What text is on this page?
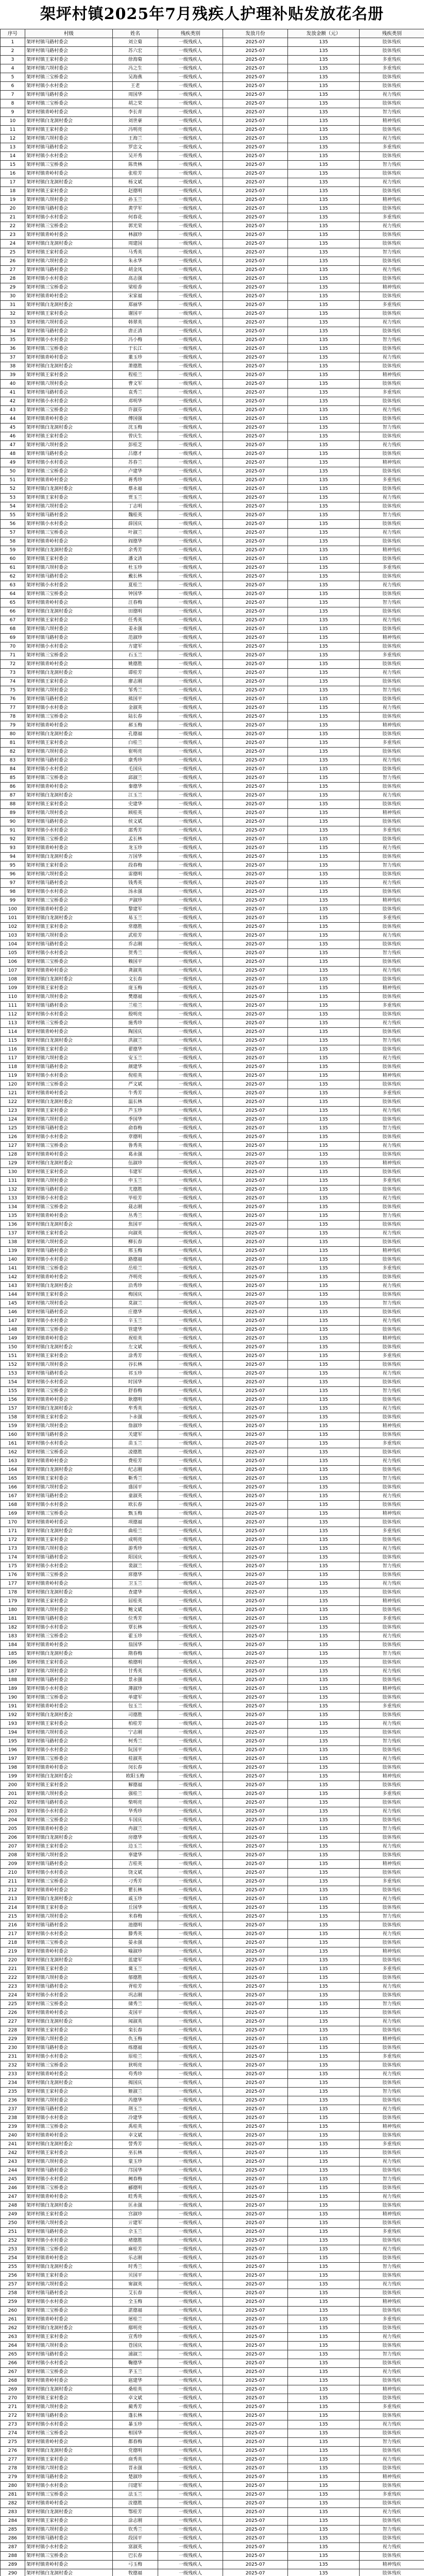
架坪村镇2025年7月残疾人护理补贴发放花名册
序号	村级	姓名	残疾类别	发放月份	发放金额（元）	残疾类别
1	架坪村镇马路村委会	刘立菊	一级残疾人	2025-07	135	肢体残疾
2	架坪村镇马路村委会	苏六宏	一级残疾人	2025-07	135	肢体残疾
3	架坪村镇王家村委会	徐海菊	一级残疾人	2025-07	135	多重残疾
4	架坪村镇六坝村委会	冯之生	一级残疾人	2025-07	135	多重残疾
5	架坪村镇三宝桥委会	吴海燕	一级残疾人	2025-07	135	肢体残疾
6	架坪村镇小水村委会	王老	一级残疾人	2025-07	135	肢体残疾
7	架坪村镇马路村委会	周国华	一级残疾人	2025-07	135	视力残疾
8	架坪村镇三宝桥委会	胡之荣	一级残疾人	2025-07	135	肢体残疾
9	架坪村镇青岭村委会	李长青	一级残疾人	2025-07	135	智力残疾
10	架坪村镇白龙洞村委会	刘世豪	一级残疾人	2025-07	135	精神残疾
11	架坪村镇王家村委会	冯明亮	一级残疾人	2025-07	135	肢体残疾
12	架坪村镇六坝村委会	王海兰	一级残疾人	2025-07	135	视力残疾
13	架坪村镇马路村委会	罗忠文	一级残疾人	2025-07	135	多重残疾
14	架坪村镇小水村委会	吴开秀	一级残疾人	2025-07	135	肢体残疾
15	架坪村镇三宝桥委会	陈贵林	一级残疾人	2025-07	135	智力残疾
16	架坪村镇青岭村委会	张桂芳	一级残疾人	2025-07	135	肢体残疾
17	架坪村镇白龙洞村委会	杨文斌	一级残疾人	2025-07	135	视力残疾
18	架坪村镇王家村委会	赵德明	一级残疾人	2025-07	135	肢体残疾
19	架坪村镇六坝村委会	孙玉兰	一级残疾人	2025-07	135	精神残疾
20	架坪村镇马路村委会	黄学军	一级残疾人	2025-07	135	肢体残疾
21	架坪村镇小水村委会	何春花	一级残疾人	2025-07	135	多重残疾
22	架坪村镇三宝桥委会	郭光荣	一级残疾人	2025-07	135	视力残疾
23	架坪村镇青岭村委会	林淑珍	一级残疾人	2025-07	135	肢体残疾
24	架坪村镇白龙洞村委会	周建国	一级残疾人	2025-07	135	肢体残疾
25	架坪村镇王家村委会	马秀英	一级残疾人	2025-07	135	智力残疾
26	架坪村镇六坝村委会	朱永华	一级残疾人	2025-07	135	肢体残疾
27	架坪村镇马路村委会	胡金凤	一级残疾人	2025-07	135	视力残疾
28	架坪村镇小水村委会	高志强	一级残疾人	2025-07	135	肢体残疾
29	架坪村镇三宝桥委会	梁桂香	一级残疾人	2025-07	135	精神残疾
30	架坪村镇青岭村委会	宋家福	一级残疾人	2025-07	135	肢体残疾
31	架坪村镇白龙洞村委会	郑丽华	一级残疾人	2025-07	135	多重残疾
32	架坪村镇王家村委会	谢国平	一级残疾人	2025-07	135	肢体残疾
33	架坪村镇六坝村委会	韩翠英	一级残疾人	2025-07	135	视力残疾
34	架坪村镇马路村委会	唐正清	一级残疾人	2025-07	135	肢体残疾
35	架坪村镇小水村委会	冯小梅	一级残疾人	2025-07	135	智力残疾
36	架坪村镇三宝桥委会	于长江	一级残疾人	2025-07	135	肢体残疾
37	架坪村镇青岭村委会	董玉珍	一级残疾人	2025-07	135	视力残疾
38	架坪村镇白龙洞村委会	萧德胜	一级残疾人	2025-07	135	肢体残疾
39	架坪村镇王家村委会	程桂兰	一级残疾人	2025-07	135	精神残疾
40	架坪村镇六坝村委会	曹文军	一级残疾人	2025-07	135	肢体残疾
41	架坪村镇马路村委会	袁秀兰	一级残疾人	2025-07	135	多重残疾
42	架坪村镇小水村委会	邓明华	一级残疾人	2025-07	135	肢体残疾
43	架坪村镇三宝桥委会	许淑芬	一级残疾人	2025-07	135	视力残疾
44	架坪村镇青岭村委会	傅国强	一级残疾人	2025-07	135	肢体残疾
45	架坪村镇白龙洞村委会	沈玉梅	一级残疾人	2025-07	135	智力残疾
46	架坪村镇王家村委会	曾庆生	一级残疾人	2025-07	135	肢体残疾
47	架坪村镇六坝村委会	彭桂芝	一级残疾人	2025-07	135	视力残疾
48	架坪村镇马路村委会	吕德才	一级残疾人	2025-07	135	肢体残疾
49	架坪村镇小水村委会	苏春兰	一级残疾人	2025-07	135	精神残疾
50	架坪村镇三宝桥委会	卢建华	一级残疾人	2025-07	135	肢体残疾
51	架坪村镇青岭村委会	蒋秀珍	一级残疾人	2025-07	135	多重残疾
52	架坪村镇白龙洞村委会	蔡永福	一级残疾人	2025-07	135	肢体残疾
53	架坪村镇王家村委会	贾玉兰	一级残疾人	2025-07	135	视力残疾
54	架坪村镇六坝村委会	丁志明	一级残疾人	2025-07	135	肢体残疾
55	架坪村镇马路村委会	魏桂英	一级残疾人	2025-07	135	智力残疾
56	架坪村镇小水村委会	薛国庆	一级残疾人	2025-07	135	肢体残疾
57	架坪村镇三宝桥委会	叶淑兰	一级残疾人	2025-07	135	视力残疾
58	架坪村镇青岭村委会	阎德华	一级残疾人	2025-07	135	肢体残疾
59	架坪村镇白龙洞村委会	余秀芳	一级残疾人	2025-07	135	精神残疾
60	架坪村镇王家村委会	潘文清	一级残疾人	2025-07	135	肢体残疾
61	架坪村镇六坝村委会	杜玉珍	一级残疾人	2025-07	135	多重残疾
62	架坪村镇马路村委会	戴长林	一级残疾人	2025-07	135	肢体残疾
63	架坪村镇小水村委会	夏桂兰	一级残疾人	2025-07	135	视力残疾
64	架坪村镇三宝桥委会	钟国华	一级残疾人	2025-07	135	肢体残疾
65	架坪村镇青岭村委会	汪春梅	一级残疾人	2025-07	135	智力残疾
66	架坪村镇白龙洞村委会	田德明	一级残疾人	2025-07	135	肢体残疾
67	架坪村镇王家村委会	任秀英	一级残疾人	2025-07	135	视力残疾
68	架坪村镇六坝村委会	姜永强	一级残疾人	2025-07	135	肢体残疾
69	架坪村镇马路村委会	范淑珍	一级残疾人	2025-07	135	精神残疾
70	架坪村镇小水村委会	方建军	一级残疾人	2025-07	135	肢体残疾
71	架坪村镇三宝桥委会	石玉兰	一级残疾人	2025-07	135	多重残疾
72	架坪村镇青岭村委会	姚德胜	一级残疾人	2025-07	135	肢体残疾
73	架坪村镇白龙洞村委会	谭桂芳	一级残疾人	2025-07	135	视力残疾
74	架坪村镇王家村委会	廖志刚	一级残疾人	2025-07	135	肢体残疾
75	架坪村镇六坝村委会	邹秀兰	一级残疾人	2025-07	135	智力残疾
76	架坪村镇马路村委会	熊国平	一级残疾人	2025-07	135	肢体残疾
77	架坪村镇小水村委会	金淑英	一级残疾人	2025-07	135	视力残疾
78	架坪村镇三宝桥委会	陆长春	一级残疾人	2025-07	135	肢体残疾
79	架坪村镇青岭村委会	郝玉梅	一级残疾人	2025-07	135	精神残疾
80	架坪村镇白龙洞村委会	孔德福	一级残疾人	2025-07	135	肢体残疾
81	架坪村镇王家村委会	白桂兰	一级残疾人	2025-07	135	多重残疾
82	架坪村镇六坝村委会	崔明亮	一级残疾人	2025-07	135	肢体残疾
83	架坪村镇马路村委会	康秀珍	一级残疾人	2025-07	135	视力残疾
84	架坪村镇小水村委会	毛国庆	一级残疾人	2025-07	135	肢体残疾
85	架坪村镇三宝桥委会	邱淑兰	一级残疾人	2025-07	135	智力残疾
86	架坪村镇青岭村委会	秦德华	一级残疾人	2025-07	135	肢体残疾
87	架坪村镇白龙洞村委会	江玉兰	一级残疾人	2025-07	135	视力残疾
88	架坪村镇王家村委会	史建华	一级残疾人	2025-07	135	肢体残疾
89	架坪村镇六坝村委会	顾桂英	一级残疾人	2025-07	135	精神残疾
90	架坪村镇马路村委会	侯文斌	一级残疾人	2025-07	135	肢体残疾
91	架坪村镇小水村委会	邵秀芳	一级残疾人	2025-07	135	多重残疾
92	架坪村镇三宝桥委会	孟长林	一级残疾人	2025-07	135	肢体残疾
93	架坪村镇青岭村委会	龙玉珍	一级残疾人	2025-07	135	视力残疾
94	架坪村镇白龙洞村委会	万国华	一级残疾人	2025-07	135	肢体残疾
95	架坪村镇王家村委会	段春梅	一级残疾人	2025-07	135	智力残疾
96	架坪村镇六坝村委会	雷德明	一级残疾人	2025-07	135	肢体残疾
97	架坪村镇马路村委会	钱秀英	一级残疾人	2025-07	135	视力残疾
98	架坪村镇小水村委会	汤永强	一级残疾人	2025-07	135	肢体残疾
99	架坪村镇三宝桥委会	尹淑珍	一级残疾人	2025-07	135	精神残疾
100	架坪村镇青岭村委会	黎建军	一级残疾人	2025-07	135	肢体残疾
101	架坪村镇白龙洞村委会	易玉兰	一级残疾人	2025-07	135	多重残疾
102	架坪村镇王家村委会	常德胜	一级残疾人	2025-07	135	肢体残疾
103	架坪村镇六坝村委会	武桂芳	一级残疾人	2025-07	135	视力残疾
104	架坪村镇马路村委会	乔志刚	一级残疾人	2025-07	135	肢体残疾
105	架坪村镇小水村委会	贺秀兰	一级残疾人	2025-07	135	智力残疾
106	架坪村镇三宝桥委会	赖国平	一级残疾人	2025-07	135	肢体残疾
107	架坪村镇青岭村委会	龚淑英	一级残疾人	2025-07	135	视力残疾
108	架坪村镇白龙洞村委会	文长春	一级残疾人	2025-07	135	肢体残疾
109	架坪村镇王家村委会	庞玉梅	一级残疾人	2025-07	135	精神残疾
110	架坪村镇六坝村委会	樊德福	一级残疾人	2025-07	135	肢体残疾
111	架坪村镇马路村委会	兰桂兰	一级残疾人	2025-07	135	多重残疾
112	架坪村镇小水村委会	殷明亮	一级残疾人	2025-07	135	肢体残疾
113	架坪村镇三宝桥委会	施秀珍	一级残疾人	2025-07	135	视力残疾
114	架坪村镇青岭村委会	陶国庆	一级残疾人	2025-07	135	肢体残疾
115	架坪村镇白龙洞村委会	洪淑兰	一级残疾人	2025-07	135	智力残疾
116	架坪村镇王家村委会	翟德华	一级残疾人	2025-07	135	肢体残疾
117	架坪村镇六坝村委会	安玉兰	一级残疾人	2025-07	135	视力残疾
118	架坪村镇马路村委会	颜建华	一级残疾人	2025-07	135	肢体残疾
119	架坪村镇小水村委会	倪桂英	一级残疾人	2025-07	135	精神残疾
120	架坪村镇三宝桥委会	严文斌	一级残疾人	2025-07	135	肢体残疾
121	架坪村镇青岭村委会	牛秀芳	一级残疾人	2025-07	135	多重残疾
122	架坪村镇白龙洞村委会	温长林	一级残疾人	2025-07	135	肢体残疾
123	架坪村镇王家村委会	芦玉珍	一级残疾人	2025-07	135	视力残疾
124	架坪村镇六坝村委会	季国华	一级残疾人	2025-07	135	肢体残疾
125	架坪村镇马路村委会	俞春梅	一级残疾人	2025-07	135	智力残疾
126	架坪村镇小水村委会	章德明	一级残疾人	2025-07	135	肢体残疾
127	架坪村镇三宝桥委会	鲁秀英	一级残疾人	2025-07	135	视力残疾
128	架坪村镇青岭村委会	葛永强	一级残疾人	2025-07	135	肢体残疾
129	架坪村镇白龙洞村委会	伍淑珍	一级残疾人	2025-07	135	精神残疾
130	架坪村镇王家村委会	韦建军	一级残疾人	2025-07	135	肢体残疾
131	架坪村镇六坝村委会	申玉兰	一级残疾人	2025-07	135	多重残疾
132	架坪村镇马路村委会	尤德胜	一级残疾人	2025-07	135	肢体残疾
133	架坪村镇小水村委会	毕桂芳	一级残疾人	2025-07	135	视力残疾
134	架坪村镇三宝桥委会	聂志刚	一级残疾人	2025-07	135	肢体残疾
135	架坪村镇青岭村委会	丛秀兰	一级残疾人	2025-07	135	智力残疾
136	架坪村镇白龙洞村委会	焦国平	一级残疾人	2025-07	135	肢体残疾
137	架坪村镇王家村委会	向淑英	一级残疾人	2025-07	135	视力残疾
138	架坪村镇六坝村委会	柳长春	一级残疾人	2025-07	135	肢体残疾
139	架坪村镇马路村委会	邢玉梅	一级残疾人	2025-07	135	精神残疾
140	架坪村镇小水村委会	路德福	一级残疾人	2025-07	135	肢体残疾
141	架坪村镇三宝桥委会	岳桂兰	一级残疾人	2025-07	135	多重残疾
142	架坪村镇青岭村委会	齐明亮	一级残疾人	2025-07	135	肢体残疾
143	架坪村镇白龙洞村委会	沿秀珍	一级残疾人	2025-07	135	视力残疾
144	架坪村镇王家村委会	梅国庆	一级残疾人	2025-07	135	肢体残疾
145	架坪村镇六坝村委会	莫淑兰	一级残疾人	2025-07	135	智力残疾
146	架坪村镇马路村委会	庄德华	一级残疾人	2025-07	135	肢体残疾
147	架坪村镇小水村委会	辛玉兰	一级残疾人	2025-07	135	视力残疾
148	架坪村镇三宝桥委会	管建华	一级残疾人	2025-07	135	肢体残疾
149	架坪村镇青岭村委会	祝桂英	一级残疾人	2025-07	135	精神残疾
150	架坪村镇白龙洞村委会	左文斌	一级残疾人	2025-07	135	肢体残疾
151	架坪村镇王家村委会	涂秀芳	一级残疾人	2025-07	135	多重残疾
152	架坪村镇六坝村委会	谷长林	一级残疾人	2025-07	135	肢体残疾
153	架坪村镇马路村委会	祁玉珍	一级残疾人	2025-07	135	视力残疾
154	架坪村镇小水村委会	时国华	一级残疾人	2025-07	135	肢体残疾
155	架坪村镇三宝桥委会	舒春梅	一级残疾人	2025-07	135	智力残疾
156	架坪村镇青岭村委会	耿德明	一级残疾人	2025-07	135	肢体残疾
157	架坪村镇白龙洞村委会	牟秀英	一级残疾人	2025-07	135	视力残疾
158	架坪村镇王家村委会	卜永强	一级残疾人	2025-07	135	肢体残疾
159	架坪村镇六坝村委会	詹淑珍	一级残疾人	2025-07	135	精神残疾
160	架坪村镇马路村委会	关建军	一级残疾人	2025-07	135	肢体残疾
161	架坪村镇小水村委会	苗玉兰	一级残疾人	2025-07	135	多重残疾
162	架坪村镇三宝桥委会	凌德胜	一级残疾人	2025-07	135	肢体残疾
163	架坪村镇青岭村委会	费桂芳	一级残疾人	2025-07	135	视力残疾
164	架坪村镇白龙洞村委会	纪志刚	一级残疾人	2025-07	135	肢体残疾
165	架坪村镇王家村委会	靳秀兰	一级残疾人	2025-07	135	智力残疾
166	架坪村镇六坝村委会	盛国平	一级残疾人	2025-07	135	肢体残疾
167	架坪村镇马路村委会	童淑英	一级残疾人	2025-07	135	视力残疾
168	架坪村镇小水村委会	欧长春	一级残疾人	2025-07	135	肢体残疾
169	架坪村镇三宝桥委会	甄玉梅	一级残疾人	2025-07	135	精神残疾
170	架坪村镇青岭村委会	项德福	一级残疾人	2025-07	135	肢体残疾
171	架坪村镇白龙洞村委会	曲桂兰	一级残疾人	2025-07	135	多重残疾
172	架坪村镇王家村委会	成明亮	一级残疾人	2025-07	135	肢体残疾
173	架坪村镇六坝村委会	游秀珍	一级残疾人	2025-07	135	视力残疾
174	架坪村镇马路村委会	阳国庆	一级残疾人	2025-07	135	肢体残疾
175	架坪村镇小水村委会	裴淑兰	一级残疾人	2025-07	135	智力残疾
176	架坪村镇三宝桥委会	席德华	一级残疾人	2025-07	135	肢体残疾
177	架坪村镇青岭村委会	卫玉兰	一级残疾人	2025-07	135	视力残疾
178	架坪村镇白龙洞村委会	查建华	一级残疾人	2025-07	135	肢体残疾
179	架坪村镇王家村委会	屈桂英	一级残疾人	2025-07	135	精神残疾
180	架坪村镇六坝村委会	鲍文斌	一级残疾人	2025-07	135	肢体残疾
181	架坪村镇马路村委会	位秀芳	一级残疾人	2025-07	135	多重残疾
182	架坪村镇小水村委会	覃长林	一级残疾人	2025-07	135	肢体残疾
183	架坪村镇三宝桥委会	霍玉珍	一级残疾人	2025-07	135	视力残疾
184	架坪村镇青岭村委会	翁国华	一级残疾人	2025-07	135	肢体残疾
185	架坪村镇白龙洞村委会	隋春梅	一级残疾人	2025-07	135	智力残疾
186	架坪村镇王家村委会	植德明	一级残疾人	2025-07	135	肢体残疾
187	架坪村镇六坝村委会	甘秀英	一级残疾人	2025-07	135	视力残疾
188	架坪村镇马路村委会	景永强	一级残疾人	2025-07	135	肢体残疾
189	架坪村镇小水村委会	薄淑珍	一级残疾人	2025-07	135	精神残疾
190	架坪村镇三宝桥委会	单建军	一级残疾人	2025-07	135	肢体残疾
191	架坪村镇青岭村委会	包玉兰	一级残疾人	2025-07	135	多重残疾
192	架坪村镇白龙洞村委会	司德胜	一级残疾人	2025-07	135	肢体残疾
193	架坪村镇王家村委会	柏桂芳	一级残疾人	2025-07	135	视力残疾
194	架坪村镇六坝村委会	宁志刚	一级残疾人	2025-07	135	肢体残疾
195	架坪村镇马路村委会	柯秀兰	一级残疾人	2025-07	135	智力残疾
196	架坪村镇小水村委会	阮国平	一级残疾人	2025-07	135	肢体残疾
197	架坪村镇三宝桥委会	桂淑英	一级残疾人	2025-07	135	视力残疾
198	架坪村镇青岭村委会	闵长春	一级残疾人	2025-07	135	肢体残疾
199	架坪村镇白龙洞村委会	欧阳玉梅	一级残疾人	2025-07	135	精神残疾
200	架坪村镇王家村委会	解德福	一级残疾人	2025-07	135	肢体残疾
201	架坪村镇六坝村委会	强桂兰	一级残疾人	2025-07	135	多重残疾
202	架坪村镇马路村委会	柴明亮	一级残疾人	2025-07	135	肢体残疾
203	架坪村镇小水村委会	华秀珍	一级残疾人	2025-07	135	视力残疾
204	架坪村镇三宝桥委会	车国庆	一级残疾人	2025-07	135	肢体残疾
205	架坪村镇青岭村委会	冉淑兰	一级残疾人	2025-07	135	智力残疾
206	架坪村镇白龙洞村委会	房德华	一级残疾人	2025-07	135	肢体残疾
207	架坪村镇王家村委会	边玉兰	一级残疾人	2025-07	135	视力残疾
208	架坪村镇六坝村委会	辜建华	一级残疾人	2025-07	135	肢体残疾
209	架坪村镇马路村委会	吉桂英	一级残疾人	2025-07	135	精神残疾
210	架坪村镇小水村委会	饶文斌	一级残疾人	2025-07	135	肢体残疾
211	架坪村镇三宝桥委会	刁秀芳	一级残疾人	2025-07	135	多重残疾
212	架坪村镇青岭村委会	瞿长林	一级残疾人	2025-07	135	肢体残疾
213	架坪村镇白龙洞村委会	戚玉珍	一级残疾人	2025-07	135	视力残疾
214	架坪村镇王家村委会	丘国华	一级残疾人	2025-07	135	肢体残疾
215	架坪村镇六坝村委会	米春梅	一级残疾人	2025-07	135	智力残疾
216	架坪村镇马路村委会	池德明	一级残疾人	2025-07	135	肢体残疾
217	架坪村镇小水村委会	滕秀英	一级残疾人	2025-07	135	视力残疾
218	架坪村镇三宝桥委会	晏永强	一级残疾人	2025-07	135	肢体残疾
219	架坪村镇青岭村委会	喻淑珍	一级残疾人	2025-07	135	精神残疾
220	架坪村镇白龙洞村委会	蓝建军	一级残疾人	2025-07	135	肢体残疾
221	架坪村镇王家村委会	冀玉兰	一级残疾人	2025-07	135	多重残疾
222	架坪村镇六坝村委会	郁德胜	一级残疾人	2025-07	135	肢体残疾
223	架坪村镇马路村委会	胥桂芳	一级残疾人	2025-07	135	视力残疾
224	架坪村镇小水村委会	巩志刚	一级残疾人	2025-07	135	肢体残疾
225	架坪村镇三宝桥委会	储秀兰	一级残疾人	2025-07	135	智力残疾
226	架坪村镇青岭村委会	麦国平	一级残疾人	2025-07	135	肢体残疾
227	架坪村镇白龙洞村委会	闻淑英	一级残疾人	2025-07	135	视力残疾
228	架坪村镇王家村委会	栾长春	一级残疾人	2025-07	135	肢体残疾
229	架坪村镇六坝村委会	仇玉梅	一级残疾人	2025-07	135	精神残疾
230	架坪村镇马路村委会	练德福	一级残疾人	2025-07	135	肢体残疾
231	架坪村镇小水村委会	原桂兰	一级残疾人	2025-07	135	多重残疾
232	架坪村镇三宝桥委会	狄明亮	一级残疾人	2025-07	135	肢体残疾
233	架坪村镇青岭村委会	苟秀珍	一级残疾人	2025-07	135	视力残疾
234	架坪村镇白龙洞村委会	揭国庆	一级残疾人	2025-07	135	肢体残疾
235	架坪村镇王家村委会	姬淑兰	一级残疾人	2025-07	135	智力残疾
236	架坪村镇六坝村委会	芮德华	一级残疾人	2025-07	135	肢体残疾
237	架坪村镇马路村委会	荆玉兰	一级残疾人	2025-07	135	视力残疾
238	架坪村镇小水村委会	冷建华	一级残疾人	2025-07	135	肢体残疾
239	架坪村镇三宝桥委会	禹桂英	一级残疾人	2025-07	135	精神残疾
240	架坪村镇青岭村委会	幸文斌	一级残疾人	2025-07	135	肢体残疾
241	架坪村镇白龙洞村委会	訾秀芳	一级残疾人	2025-07	135	多重残疾
242	架坪村镇王家村委会	巫长林	一级残疾人	2025-07	135	肢体残疾
243	架坪村镇六坝村委会	蒙玉珍	一级残疾人	2025-07	135	视力残疾
244	架坪村镇马路村委会	邝国华	一级残疾人	2025-07	135	肢体残疾
245	架坪村镇小水村委会	阙春梅	一级残疾人	2025-07	135	智力残疾
246	架坪村镇三宝桥委会	郦德明	一级残疾人	2025-07	135	肢体残疾
247	架坪村镇青岭村委会	眭秀英	一级残疾人	2025-07	135	视力残疾
248	架坪村镇白龙洞村委会	匡永强	一级残疾人	2025-07	135	肢体残疾
249	架坪村镇王家村委会	宫淑珍	一级残疾人	2025-07	135	精神残疾
250	架坪村镇六坝村委会	亓建军	一级残疾人	2025-07	135	肢体残疾
251	架坪村镇马路村委会	佘玉兰	一级残疾人	2025-07	135	多重残疾
252	架坪村镇小水村委会	褚德胜	一级残疾人	2025-07	135	肢体残疾
253	架坪村镇三宝桥委会	麻桂芳	一级残疾人	2025-07	135	视力残疾
254	架坪村镇青岭村委会	乐志刚	一级残疾人	2025-07	135	肢体残疾
255	架坪村镇白龙洞村委会	时秀兰	一级残疾人	2025-07	135	智力残疾
256	架坪村镇王家村委会	贝国平	一级残疾人	2025-07	135	肢体残疾
257	架坪村镇六坝村委会	甯淑英	一级残疾人	2025-07	135	视力残疾
258	架坪村镇马路村委会	艾长春	一级残疾人	2025-07	135	肢体残疾
259	架坪村镇小水村委会	全玉梅	一级残疾人	2025-07	135	精神残疾
260	架坪村镇三宝桥委会	湛德福	一级残疾人	2025-07	135	肢体残疾
261	架坪村镇青岭村委会	屠桂兰	一级残疾人	2025-07	135	多重残疾
262	架坪村镇白龙洞村委会	鄢明亮	一级残疾人	2025-07	135	肢体残疾
263	架坪村镇王家村委会	宣秀珍	一级残疾人	2025-07	135	视力残疾
264	架坪村镇六坝村委会	苍国庆	一级残疾人	2025-07	135	肢体残疾
265	架坪村镇马路村委会	浦淑兰	一级残疾人	2025-07	135	智力残疾
266	架坪村镇小水村委会	鞠德华	一级残疾人	2025-07	135	肢体残疾
267	架坪村镇三宝桥委会	茅玉兰	一级残疾人	2025-07	135	视力残疾
268	架坪村镇青岭村委会	扈建华	一级残疾人	2025-07	135	肢体残疾
269	架坪村镇白龙洞村委会	桑桂英	一级残疾人	2025-07	135	精神残疾
270	架坪村镇王家村委会	卓文斌	一级残疾人	2025-07	135	肢体残疾
271	架坪村镇六坝村委会	蔺秀芳	一级残疾人	2025-07	135	多重残疾
272	架坪村镇马路村委会	蓬长林	一级残疾人	2025-07	135	肢体残疾
273	架坪村镇小水村委会	暴玉珍	一级残疾人	2025-07	135	视力残疾
274	架坪村镇三宝桥委会	相国华	一级残疾人	2025-07	135	肢体残疾
275	架坪村镇青岭村委会	都春梅	一级残疾人	2025-07	135	智力残疾
276	架坪村镇白龙洞村委会	党德明	一级残疾人	2025-07	135	肢体残疾
277	架坪村镇王家村委会	商秀英	一级残疾人	2025-07	135	视力残疾
278	架坪村镇六坝村委会	晋永强	一级残疾人	2025-07	135	肢体残疾
279	架坪村镇马路村委会	楚淑珍	一级残疾人	2025-07	135	精神残疾
280	架坪村镇小水村委会	闫建军	一级残疾人	2025-07	135	肢体残疾
281	架坪村镇三宝桥委会	法玉兰	一级残疾人	2025-07	135	多重残疾
282	架坪村镇青岭村委会	汝德胜	一级残疾人	2025-07	135	肢体残疾
283	架坪村镇白龙洞村委会	鄂桂芳	一级残疾人	2025-07	135	视力残疾
284	架坪村镇王家村委会	涂志刚	一级残疾人	2025-07	135	肢体残疾
285	架坪村镇六坝村委会	钦秀兰	一级残疾人	2025-07	135	智力残疾
286	架坪村镇马路村委会	段国平	一级残疾人	2025-07	135	肢体残疾
287	架坪村镇小水村委会	富淑英	一级残疾人	2025-07	135	视力残疾
288	架坪村镇三宝桥委会	巴长春	一级残疾人	2025-07	135	肢体残疾
289	架坪村镇青岭村委会	弓玉梅	一级残疾人	2025-07	135	精神残疾
290	架坪村镇白龙洞村委会	牧德福	一级残疾人	2025-07	135	肢体残疾
